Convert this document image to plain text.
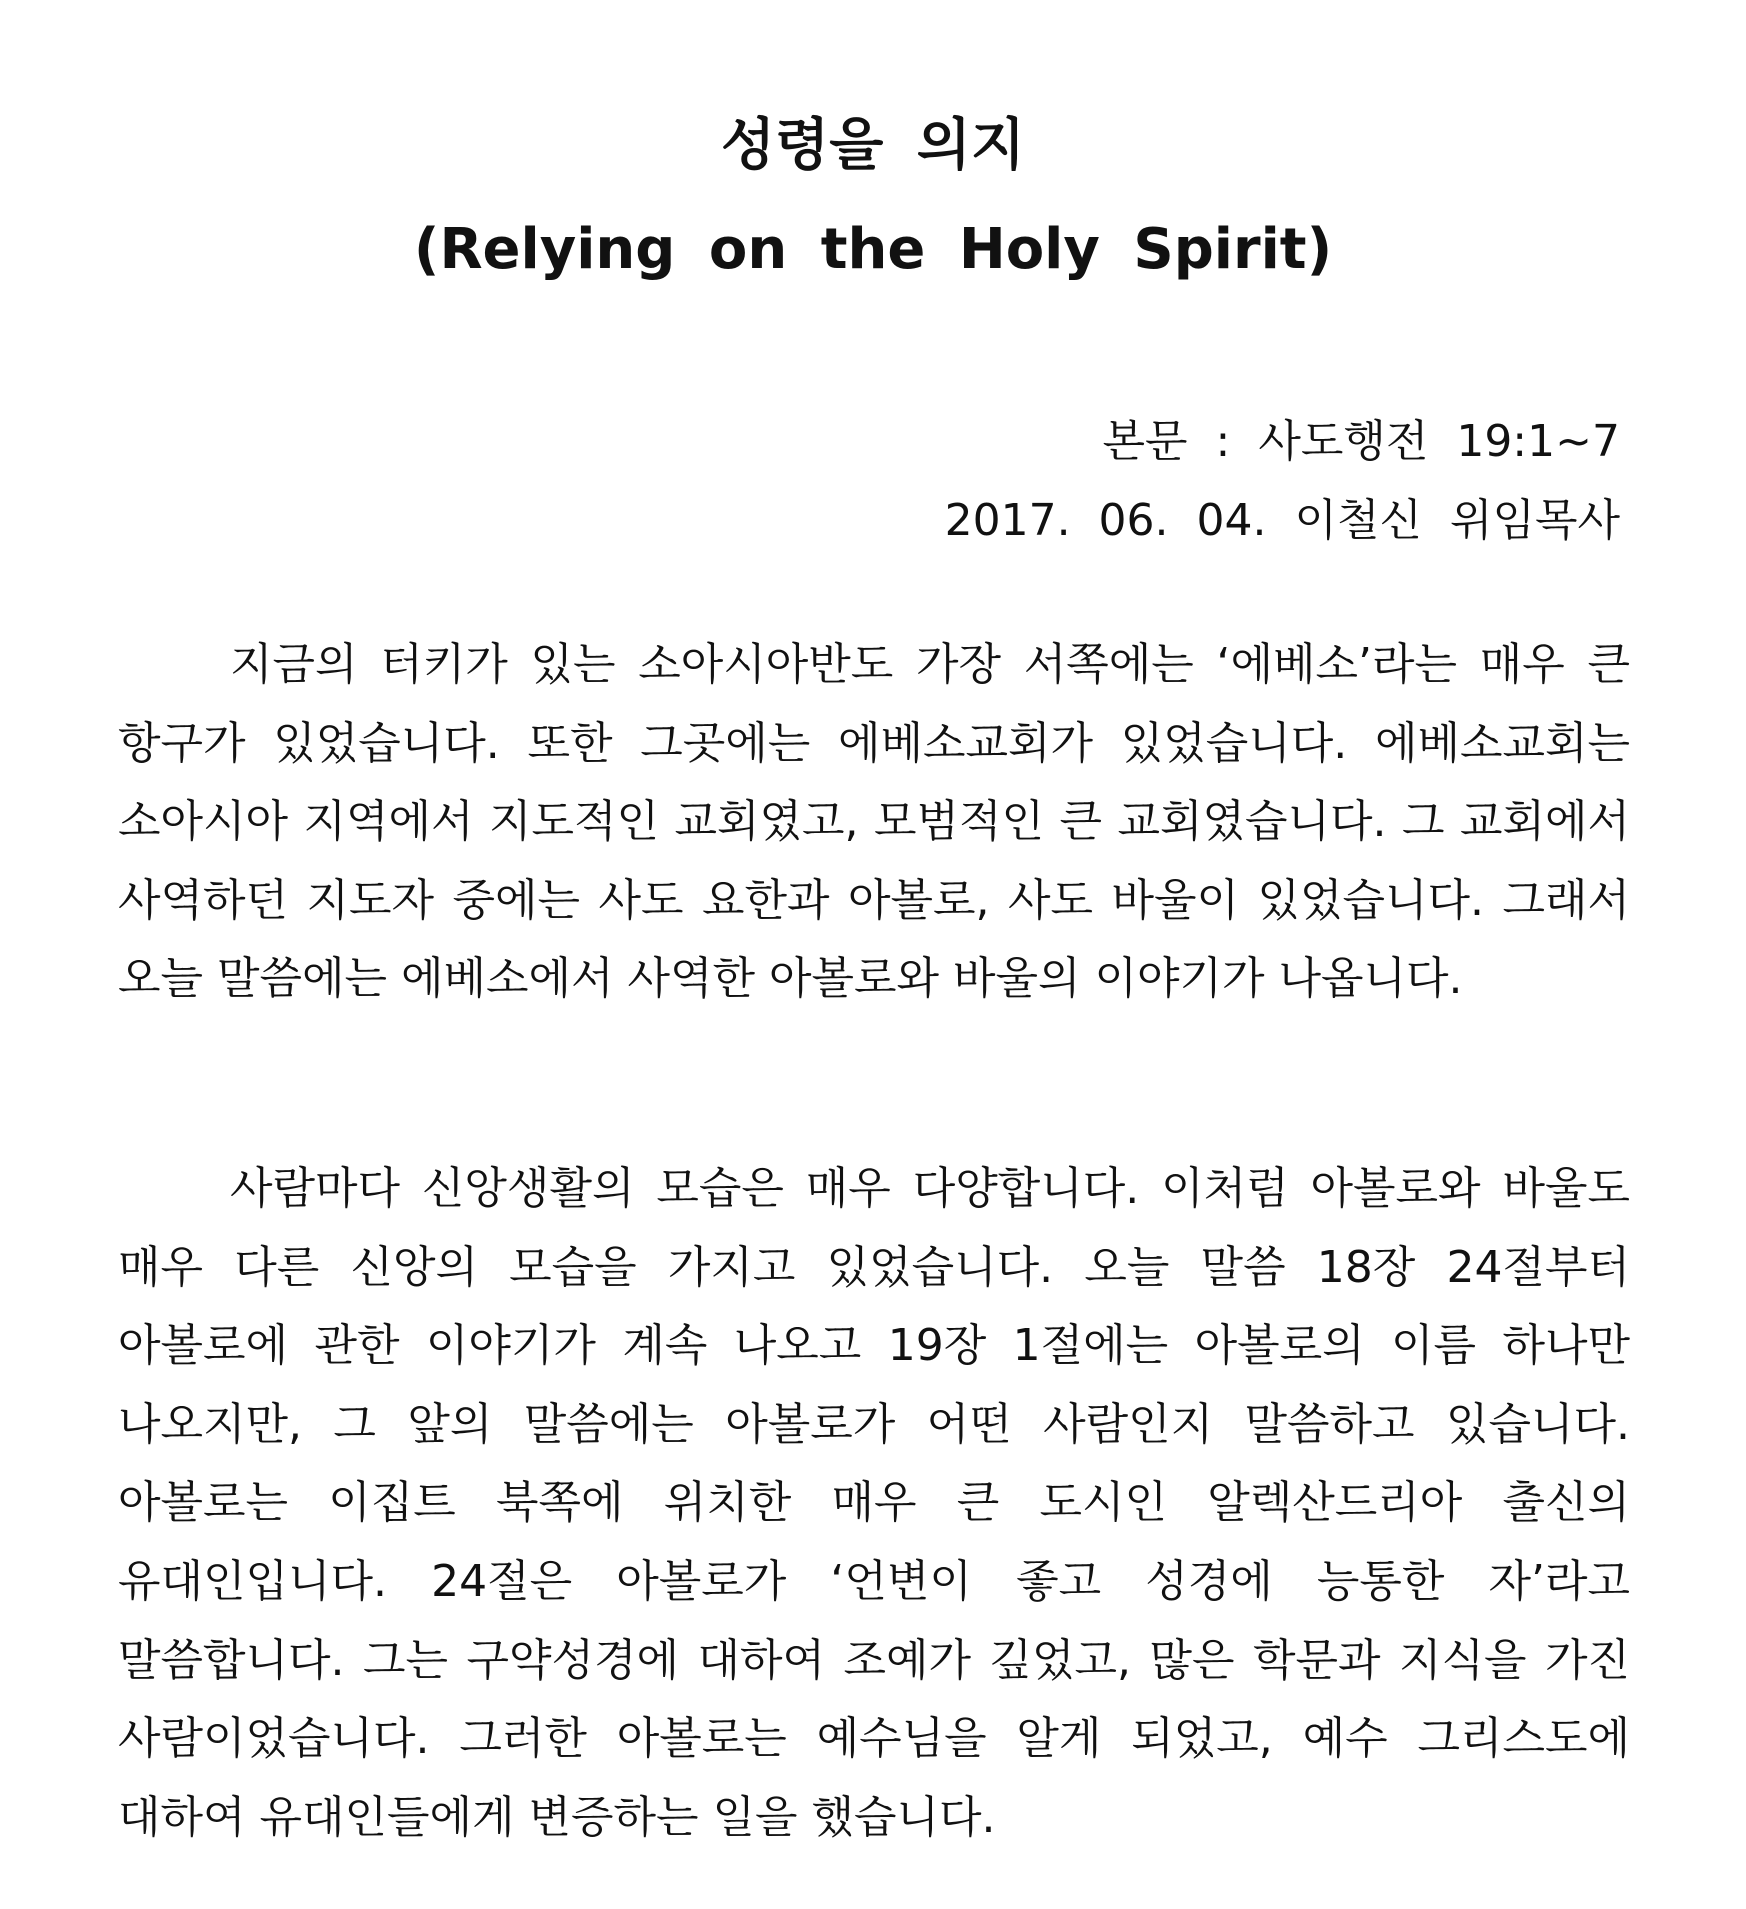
성령을 의지
(Relying on the Holy Spirit)
본문 : 사도행전 19:1~7
2017. 06. 04. 이철신 위임목사

지금의 터키가 있는 소아시아반도 가장 서쪽에는 ‘에베소’라는 매우 큰 항구가 있었습니다. 또한 그곳에는 에베소교회가 있었습니다. 에베소교회는 소아시아 지역에서 지도적인 교회였고, 모범적인 큰 교회였습니다. 그 교회에서 사역하던 지도자 중에는 사도 요한과 아볼로, 사도 바울이 있었습니다. 그래서 오늘 말씀에는 에베소에서 사역한 아볼로와 바울의 이야기가 나옵니다.

사람마다 신앙생활의 모습은 매우 다양합니다. 이처럼 아볼로와 바울도 매우 다른 신앙의 모습을 가지고 있었습니다. 오늘 말씀 18장 24절부터 아볼로에 관한 이야기가 계속 나오고 19장 1절에는 아볼로의 이름 하나만 나오지만, 그 앞의 말씀에는 아볼로가 어떤 사람인지 말씀하고 있습니다. 아볼로는 이집트 북쪽에 위치한 매우 큰 도시인 알렉산드리아 출신의 유대인입니다. 24절은 아볼로가 ‘언변이 좋고 성경에 능통한 자’라고 말씀합니다. 그는 구약성경에 대하여 조예가 깊었고, 많은 학문과 지식을 가진 사람이었습니다. 그러한 아볼로는 예수님을 알게 되었고, 예수 그리스도에 대하여 유대인들에게 변증하는 일을 했습니다.
